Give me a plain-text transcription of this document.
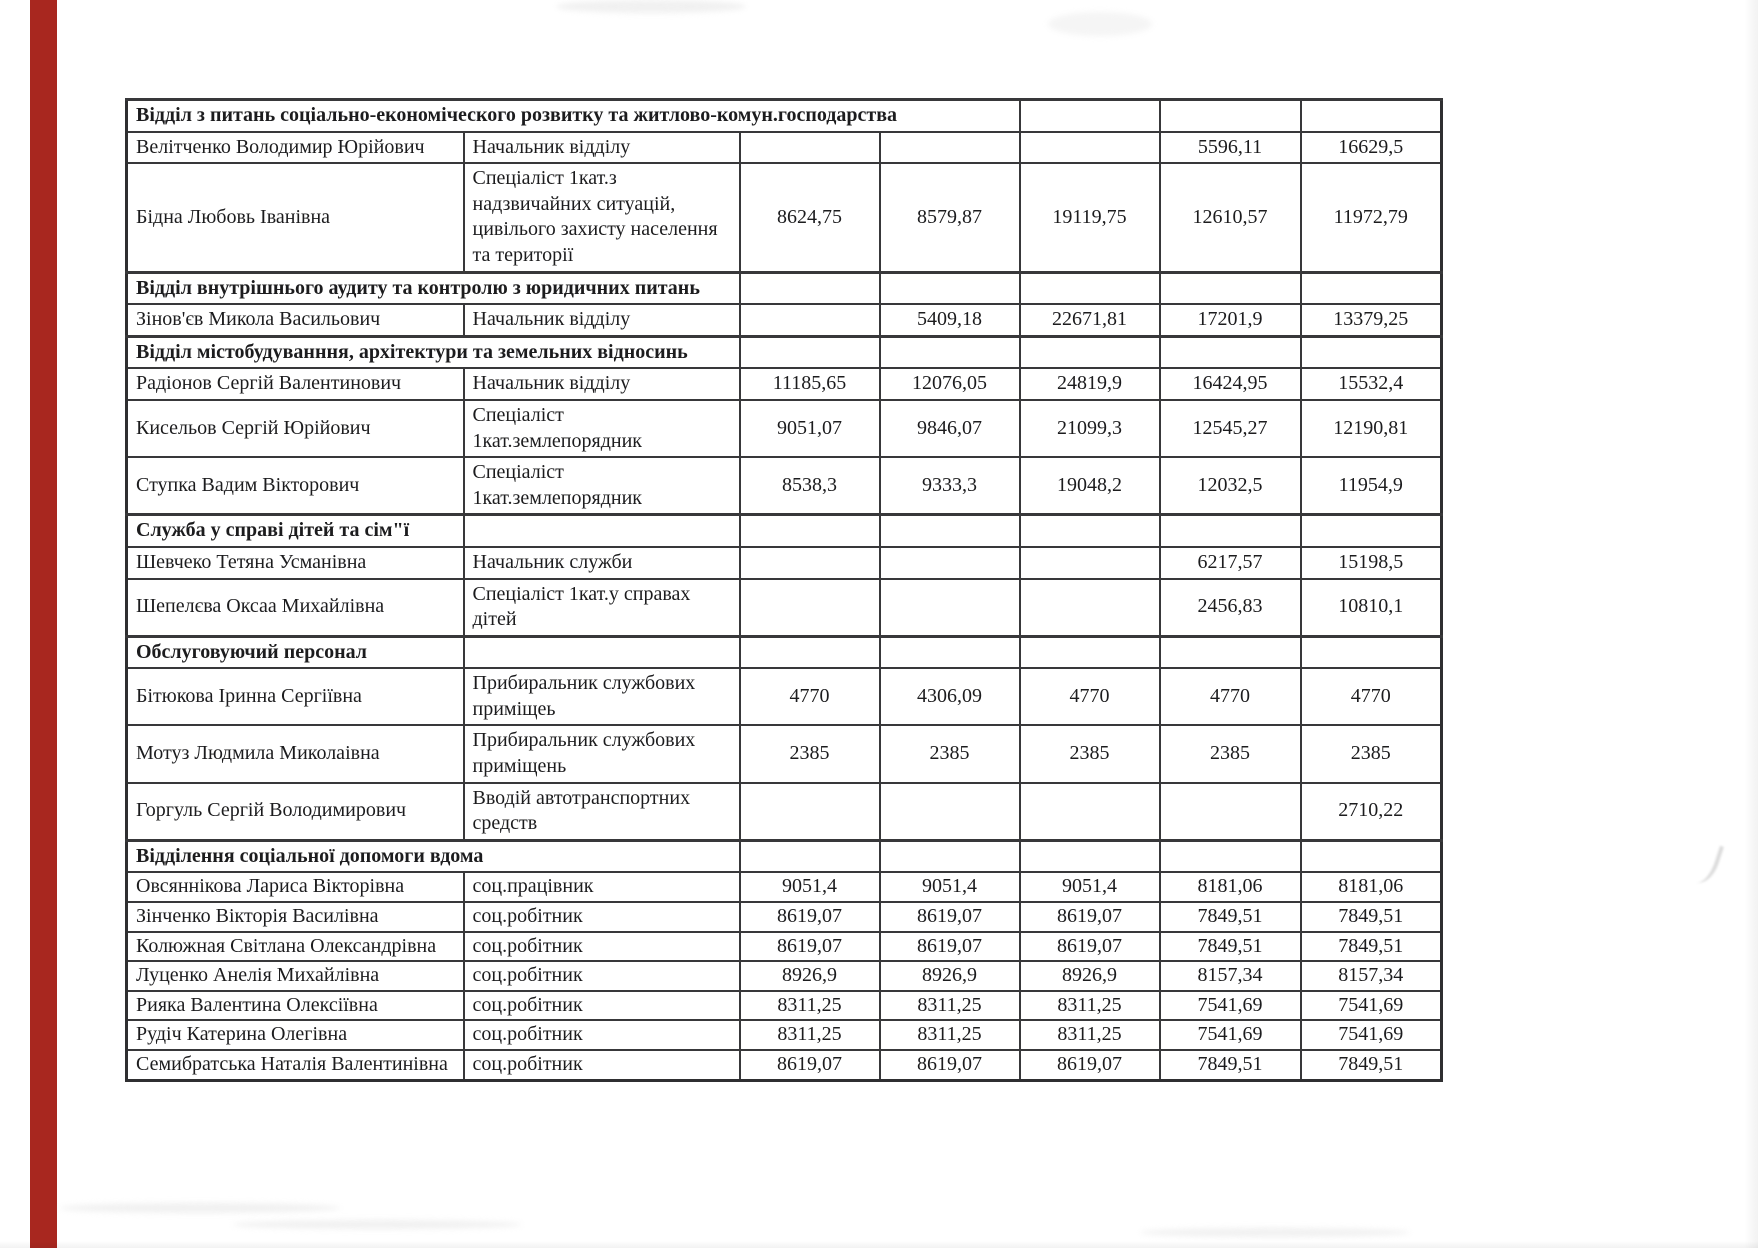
Відділ з питань соціально-економіческого розвитку та житлово-комун.господарства						
Велітченко Володимир Юрійович	Начальник відділу				5596,11	16629,5
Бідна Любовь Іванівна	Спеціаліст 1кат.з надзвичайних ситуацій, цивілього захисту населення та території	8624,75	8579,87	19119,75	12610,57	11972,79
Відділ внутрішнього аудиту та контролю з юридичних питань						
Зінов'єв Микола Васильович	Начальник відділу		5409,18	22671,81	17201,9	13379,25
Відділ містобудуванння, архітектури та земельних відносинь						
Радіонов Сергій Валентинович	Начальник відділу	11185,65	12076,05	24819,9	16424,95	15532,4
Кисельов Сергій Юрійович	Спеціаліст 1кат.землепорядник	9051,07	9846,07	21099,3	12545,27	12190,81
Ступка Вадим Вікторович	Спеціаліст 1кат.землепорядник	8538,3	9333,3	19048,2	12032,5	11954,9
Служба у справі дітей та сім"ї						
Шевчеко Тетяна Усманівна	Начальник служби				6217,57	15198,5
Шепелєва Оксаа Михайлівна	Спеціаліст 1кат.у справах дітей				2456,83	10810,1
Обслуговуючий персонал						
Бітюкова Іринна Сергіївна	Прибиральник службових приміщеь	4770	4306,09	4770	4770	4770
Мотуз Людмила Миколаівна	Прибиральник службових приміщень	2385	2385	2385	2385	2385
Горгуль Сергій Володимирович	Вводій автотранспортних средств					2710,22
Відділення соціальної допомоги вдома						
Овсяннікова Лариса Вікторівна	соц.працівник	9051,4	9051,4	9051,4	8181,06	8181,06
Зінченко Вікторія Василівна	соц.робітник	8619,07	8619,07	8619,07	7849,51	7849,51
Колюжная Світлана Олександрівна	соц.робітник	8619,07	8619,07	8619,07	7849,51	7849,51
Луценко Анелія Михайлівна	соц.робітник	8926,9	8926,9	8926,9	8157,34	8157,34
Рияка Валентина Олексіївна	соц.робітник	8311,25	8311,25	8311,25	7541,69	7541,69
Рудіч Катерина Олегівна	соц.робітник	8311,25	8311,25	8311,25	7541,69	7541,69
Семибратська Наталія Валентинівна	соц.робітник	8619,07	8619,07	8619,07	7849,51	7849,51
